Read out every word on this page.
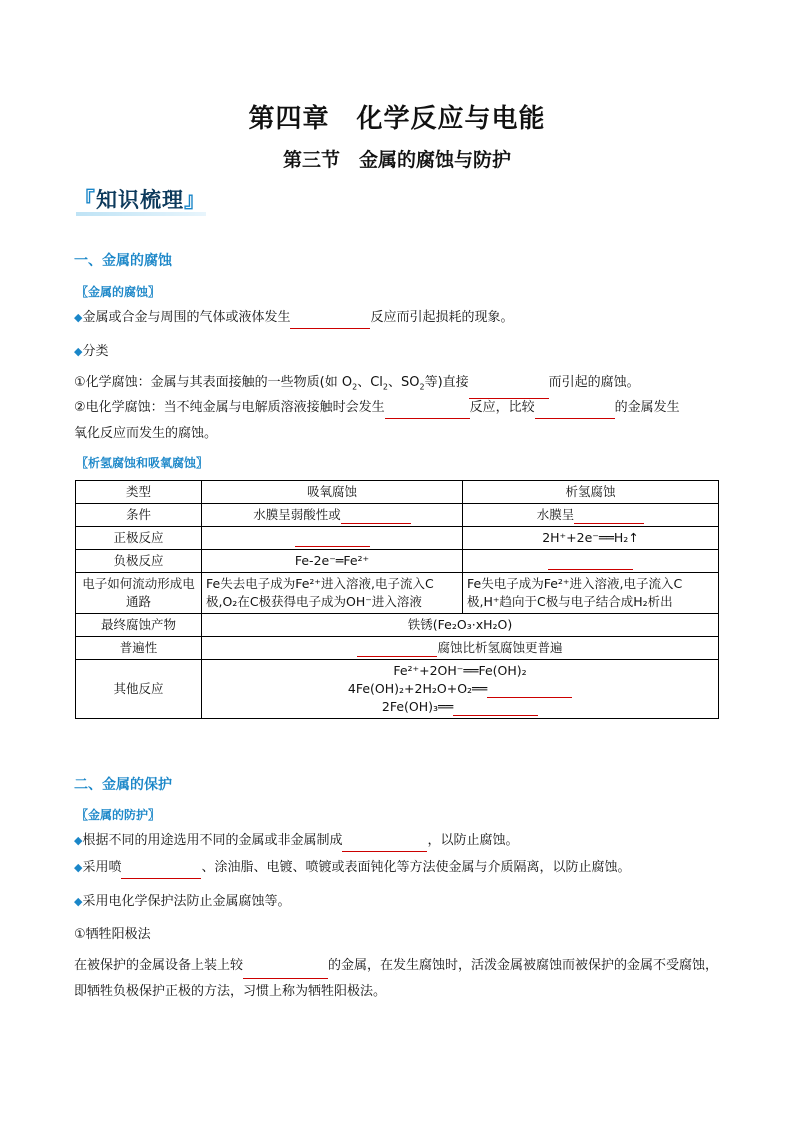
第四章　化学反应与电能
第三节　金属的腐蚀与防护
『知识梳理』
一、金属的腐蚀
〖金属的腐蚀〗
◆金属或合金与周围的气体或液体发生	反应而引起损耗的现象。
◆分类
①化学腐蚀：金属与其表面接触的一些物质(如 $O_2$、$Cl_2$、$SO_2$等)直接	而引起的腐蚀。
②电化学腐蚀：当不纯金属与电解质溶液接触时会发生	反应，比较	的金属发生
氧化反应而发生的腐蚀。
〖析氢腐蚀和吸氧腐蚀〗
类型	吸氧腐蚀	析氢腐蚀
条件	水膜呈弱酸性或	水膜呈
正极反应		2H⁺+2e⁻══H₂↑
负极反应	Fe-2e⁻═Fe²⁺	
电子如何流动形成电通路	Fe失去电子成为Fe²⁺进入溶液,电子流入C极,O₂在C极获得电子成为OH⁻进入溶液	Fe失电子成为Fe²⁺进入溶液,电子流入C极,H⁺趋向于C极与电子结合成H₂析出
最终腐蚀产物	铁锈(Fe₂O₃·xH₂O)	
普遍性	腐蚀比析氢腐蚀更普遍	
其他反应	Fe²⁺+2OH⁻══Fe(OH)₂
4Fe(OH)₂+2H₂O+O₂══
2Fe(OH)₃══	
二、金属的保护
〖金属的防护〗
◆根据不同的用途选用不同的金属或非金属制成	，以防止腐蚀。
◆采用喷	、涂油脂、电镀、喷镀或表面钝化等方法使金属与介质隔离，以防止腐蚀。
◆采用电化学保护法防止金属腐蚀等。
①牺牲阳极法
在被保护的金属设备上装上较	的金属，在发生腐蚀时，活泼金属被腐蚀而被保护的金属不受腐蚀，即牺牲负极保护正极的方法，习惯上称为牺牲阳极法。
